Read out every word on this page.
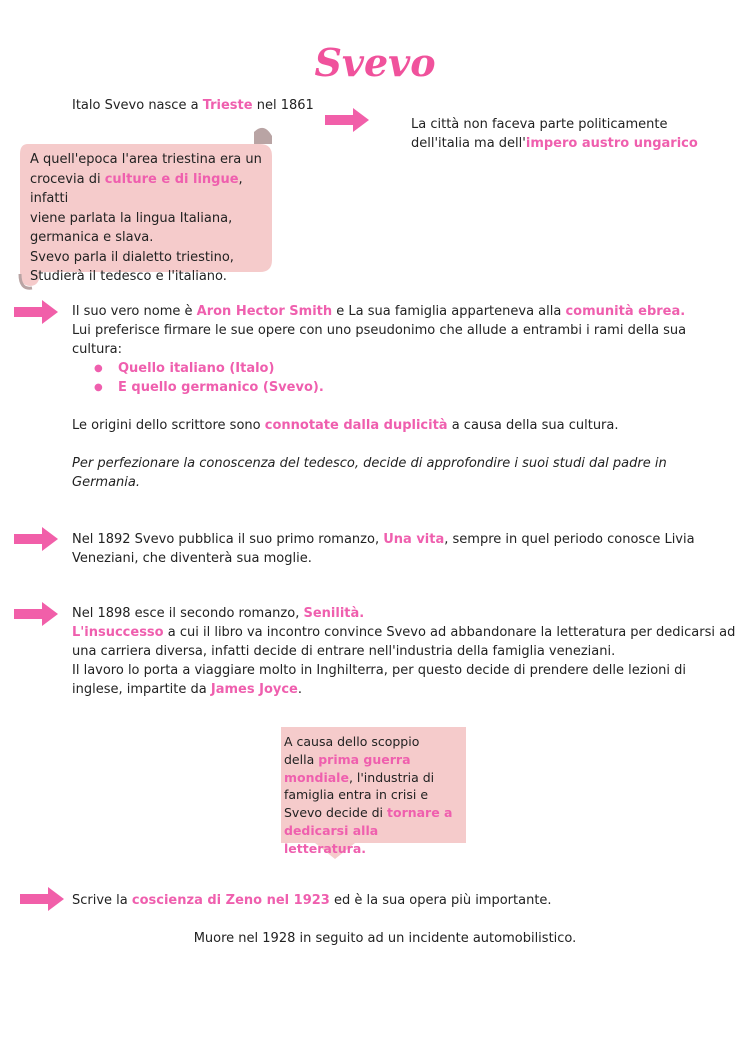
Svevo
Italo Svevo nasce a Trieste nel 1861
La città non faceva parte politicamente
dell'italia ma dell'impero austro ungarico
A quell'epoca l'area triestina era un
crocevia di culture e di lingue, infatti
viene parlata la lingua Italiana,
germanica e slava.
Svevo parla il dialetto triestino,
Studierà il tedesco e l'italiano.
Il suo vero nome è Aron Hector Smith e La sua famiglia apparteneva alla comunità ebrea.
Lui preferisce firmare le sue opere con uno pseudonimo che allude a entrambi i rami della sua
cultura:
● Quello italiano (Italo)
● E quello germanico (Svevo).
Le origini dello scrittore sono connotate dalla duplicità a causa della sua cultura.
Per perfezionare la conoscenza del tedesco, decide di approfondire i suoi studi dal padre in
Germania.
Nel 1892 Svevo pubblica il suo primo romanzo, Una vita, sempre in quel periodo conosce Livia
Veneziani, che diventerà sua moglie.
Nel 1898 esce il secondo romanzo, Senilità.
L'insuccesso a cui il libro va incontro convince Svevo ad abbandonare la letteratura per dedicarsi ad
una carriera diversa, infatti decide di entrare nell'industria della famiglia veneziani.
Il lavoro lo porta a viaggiare molto in Inghilterra, per questo decide di prendere delle lezioni di
inglese, impartite da James Joyce.
A causa dello scoppio
della prima guerra
mondiale, l'industria di
famiglia entra in crisi e
Svevo decide di tornare a
dedicarsi alla letteratura.
Scrive la coscienza di Zeno nel 1923 ed è la sua opera più importante.
Muore nel 1928 in seguito ad un incidente automobilistico.
